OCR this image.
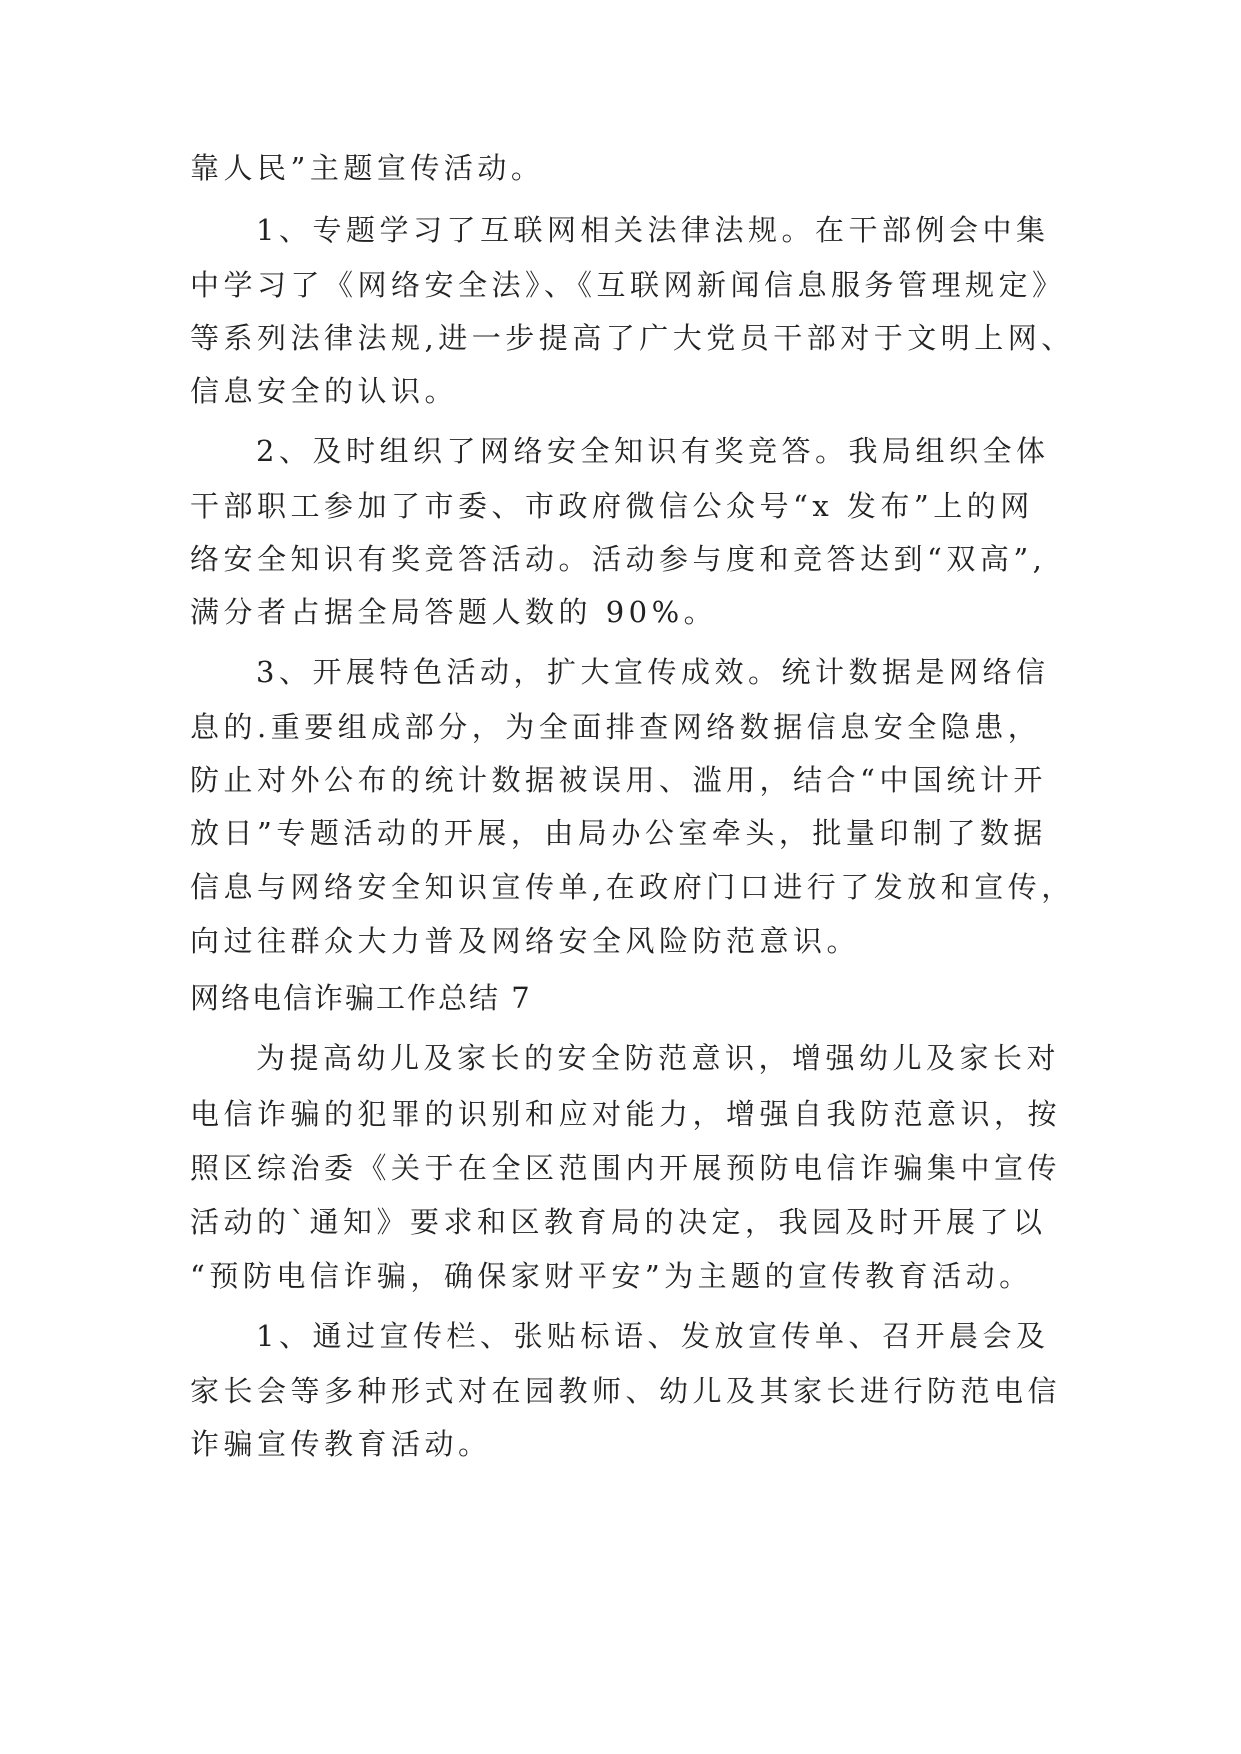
靠人民”主题宣传活动。

1、专题学习了互联网相关法律法规。在干部例会中集

中学习了《网络安全法》、《互联网新闻信息服务管理规定》

等系列法律法规,进一步提高了广大党员干部对于文明上网、

信息安全的认识。

2、及时组织了网络安全知识有奖竞答。我局组织全体

干部职工参加了市委、市政府微信公众号“x 发布”上的网

络安全知识有奖竞答活动。活动参与度和竞答达到“双高”,

满分者占据全局答题人数的 90%。

3、开展特色活动，扩大宣传成效。统计数据是网络信

息的.重要组成部分，为全面排查网络数据信息安全隐患，

防止对外公布的统计数据被误用、滥用，结合“中国统计开

放日”专题活动的开展，由局办公室牵头，批量印制了数据

信息与网络安全知识宣传单,在政府门口进行了发放和宣传，

向过往群众大力普及网络安全风险防范意识。

网络电信诈骗工作总结 7

为提高幼儿及家长的安全防范意识，增强幼儿及家长对

电信诈骗的犯罪的识别和应对能力，增强自我防范意识，按

照区综治委《关于在全区范围内开展预防电信诈骗集中宣传

活动的`通知》要求和区教育局的决定，我园及时开展了以

“预防电信诈骗，确保家财平安”为主题的宣传教育活动。

1、通过宣传栏、张贴标语、发放宣传单、召开晨会及

家长会等多种形式对在园教师、幼儿及其家长进行防范电信

诈骗宣传教育活动。
